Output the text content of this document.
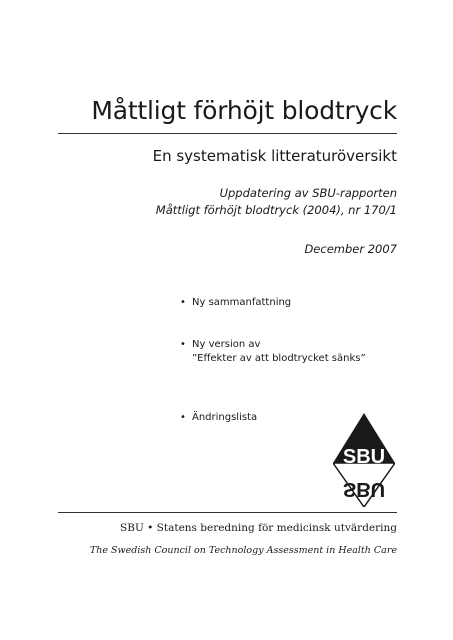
Måttligt förhöjt blodtryck
En systematisk litteraturöversikt
Uppdatering av SBU-rapporten
Måttligt förhöjt blodtryck (2004), nr 170/1
December 2007
• Ny sammanfattning
• Ny version av
”Effekter av att blodtrycket sänks”
• Ändringslista
SBU
SBU
SBU • Statens beredning för medicinsk utvärdering
The Swedish Council on Technology Assessment in Health Care
